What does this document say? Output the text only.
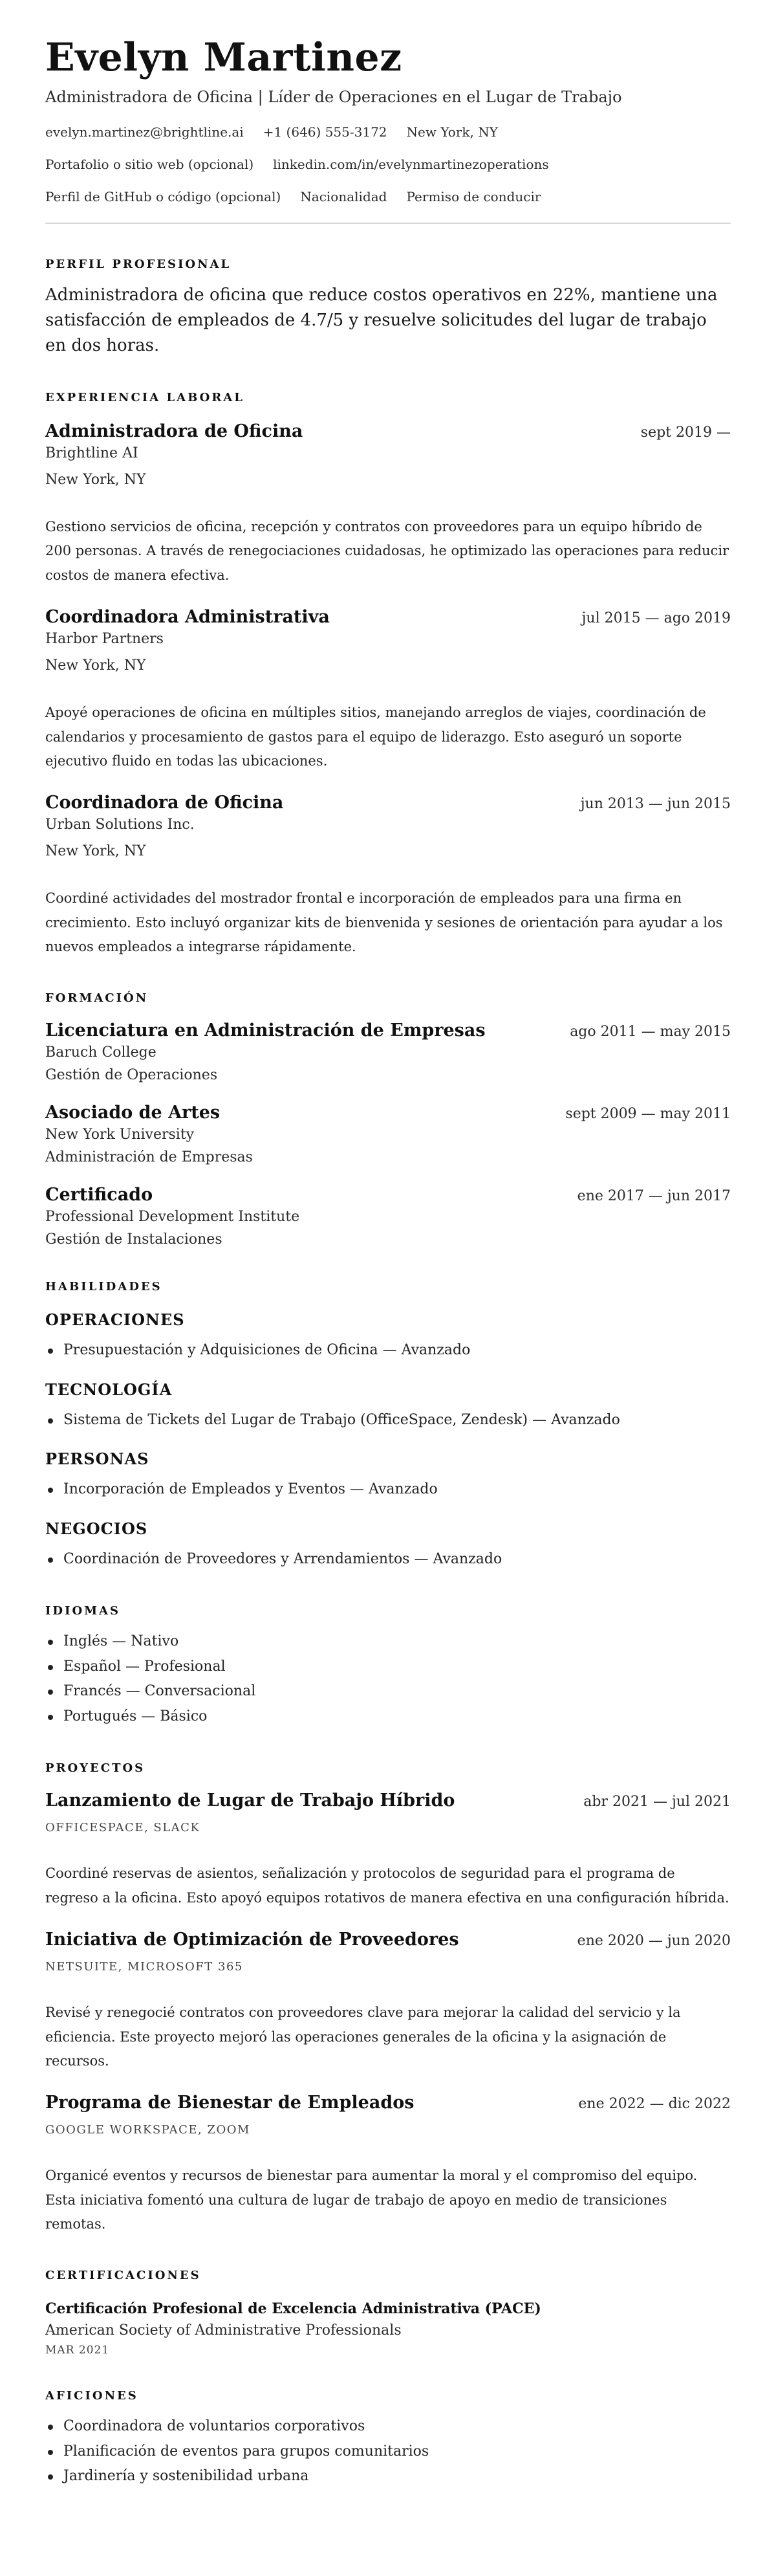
Evelyn Martinez
Administradora de Oficina | Líder de Operaciones en el Lugar de Trabajo
evelyn.martinez@brightline.ai +1 (646) 555-3172 New York, NY
Portafolio o sitio web (opcional) linkedin.com/in/evelynmartinezoperations
Perfil de GitHub o código (opcional) Nacionalidad Permiso de conducir
PERFIL PROFESIONAL
Administradora de oficina que reduce costos operativos en 22%, mantiene una satisfacción de empleados de 4.7/5 y resuelve solicitudes del lugar de trabajo en dos horas.
EXPERIENCIA LABORAL
Administradora de Oficina	sept 2019 —
Brightline AI
New York, NY
Gestiono servicios de oficina, recepción y contratos con proveedores para un equipo híbrido de 200 personas. A través de renegociaciones cuidadosas, he optimizado las operaciones para reducir costos de manera efectiva.
Coordinadora Administrativa	jul 2015 — ago 2019
Harbor Partners
New York, NY
Apoyé operaciones de oficina en múltiples sitios, manejando arreglos de viajes, coordinación de calendarios y procesamiento de gastos para el equipo de liderazgo. Esto aseguró un soporte ejecutivo fluido en todas las ubicaciones.
Coordinadora de Oficina	jun 2013 — jun 2015
Urban Solutions Inc.
New York, NY
Coordiné actividades del mostrador frontal e incorporación de empleados para una firma en crecimiento. Esto incluyó organizar kits de bienvenida y sesiones de orientación para ayudar a los nuevos empleados a integrarse rápidamente.
FORMACIÓN
Licenciatura en Administración de Empresas	ago 2011 — may 2015
Baruch College
Gestión de Operaciones
Asociado de Artes	sept 2009 — may 2011
New York University
Administración de Empresas
Certificado	ene 2017 — jun 2017
Professional Development Institute
Gestión de Instalaciones
HABILIDADES
OPERACIONES
Presupuestación y Adquisiciones de Oficina — Avanzado
TECNOLOGÍA
Sistema de Tickets del Lugar de Trabajo (OfficeSpace, Zendesk) — Avanzado
PERSONAS
Incorporación de Empleados y Eventos — Avanzado
NEGOCIOS
Coordinación de Proveedores y Arrendamientos — Avanzado
IDIOMAS
Inglés — Nativo
Español — Profesional
Francés — Conversacional
Portugués — Básico
PROYECTOS
Lanzamiento de Lugar de Trabajo Híbrido	abr 2021 — jul 2021
OFFICESPACE, SLACK
Coordiné reservas de asientos, señalización y protocolos de seguridad para el programa de regreso a la oficina. Esto apoyó equipos rotativos de manera efectiva en una configuración híbrida.
Iniciativa de Optimización de Proveedores	ene 2020 — jun 2020
NETSUITE, MICROSOFT 365
Revisé y renegocié contratos con proveedores clave para mejorar la calidad del servicio y la eficiencia. Este proyecto mejoró las operaciones generales de la oficina y la asignación de recursos.
Programa de Bienestar de Empleados	ene 2022 — dic 2022
GOOGLE WORKSPACE, ZOOM
Organicé eventos y recursos de bienestar para aumentar la moral y el compromiso del equipo. Esta iniciativa fomentó una cultura de lugar de trabajo de apoyo en medio de transiciones remotas.
CERTIFICACIONES
Certificación Profesional de Excelencia Administrativa (PACE)
American Society of Administrative Professionals
MAR 2021
AFICIONES
Coordinadora de voluntarios corporativos
Planificación de eventos para grupos comunitarios
Jardinería y sostenibilidad urbana
